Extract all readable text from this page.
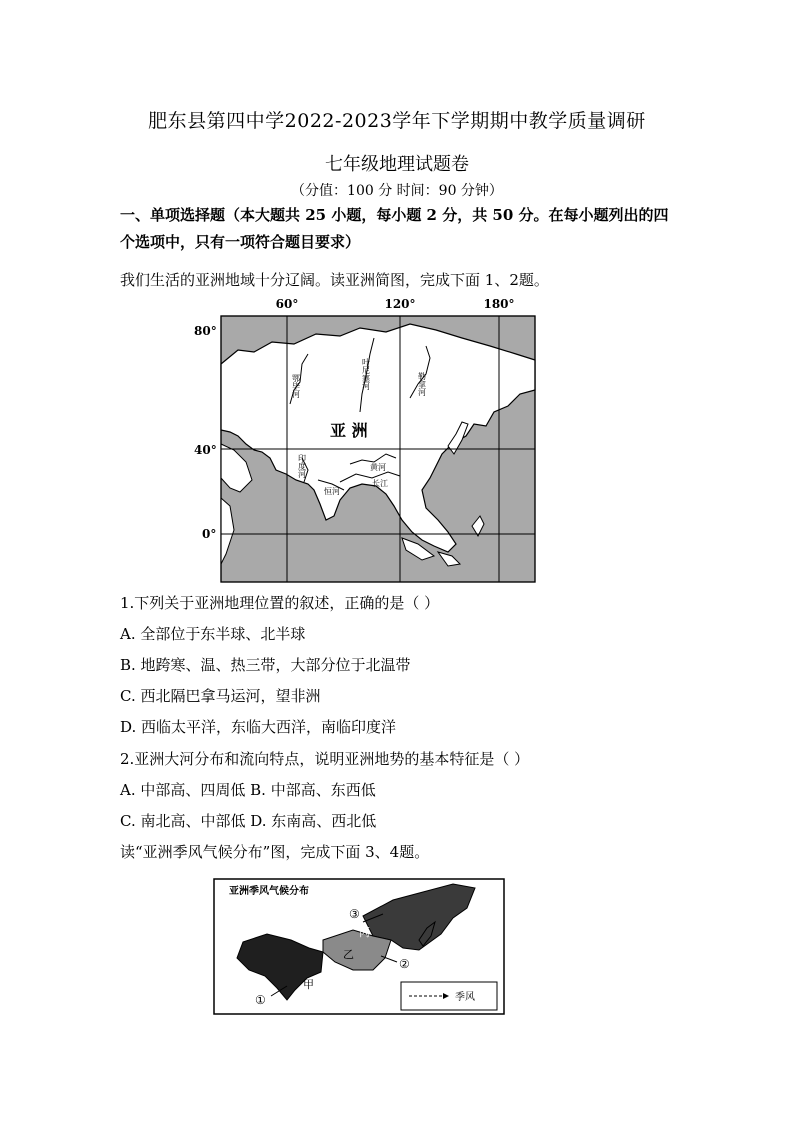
肥东县第四中学2022-2023学年下学期期中教学质量调研
七年级地理试题卷
（分值：100 分 时间：90 分钟）
一、单项选择题（本大题共 25 小题，每小题 2 分，共 50 分。在每小题列出的四个选项中，只有一项符合题目要求）
我们生活的亚洲地域十分辽阔。读亚洲简图，完成下面 1、2题。
60°	120°	180°
80°
40°
0°
亚 洲
叶尼塞河	勒拿河
鄂毕河
印度河	黄河
长江
恒河
1.下列关于亚洲地理位置的叙述，正确的是（ ）
A. 全部位于东半球、北半球
B. 地跨寒、温、热三带，大部分位于北温带
C. 西北隔巴拿马运河，望非洲
D. 西临太平洋，东临大西洋，南临印度洋
2.亚洲大河分布和流向特点，说明亚洲地势的基本特征是（ ）
A. 中部高、四周低 B. 中部高、东西低
C. 南北高、中部低 D. 东南高、西北低
读“亚洲季风气候分布”图，完成下面 3、4题。
亚洲季风气候分布
甲
乙
丙
①
②
③
季风
